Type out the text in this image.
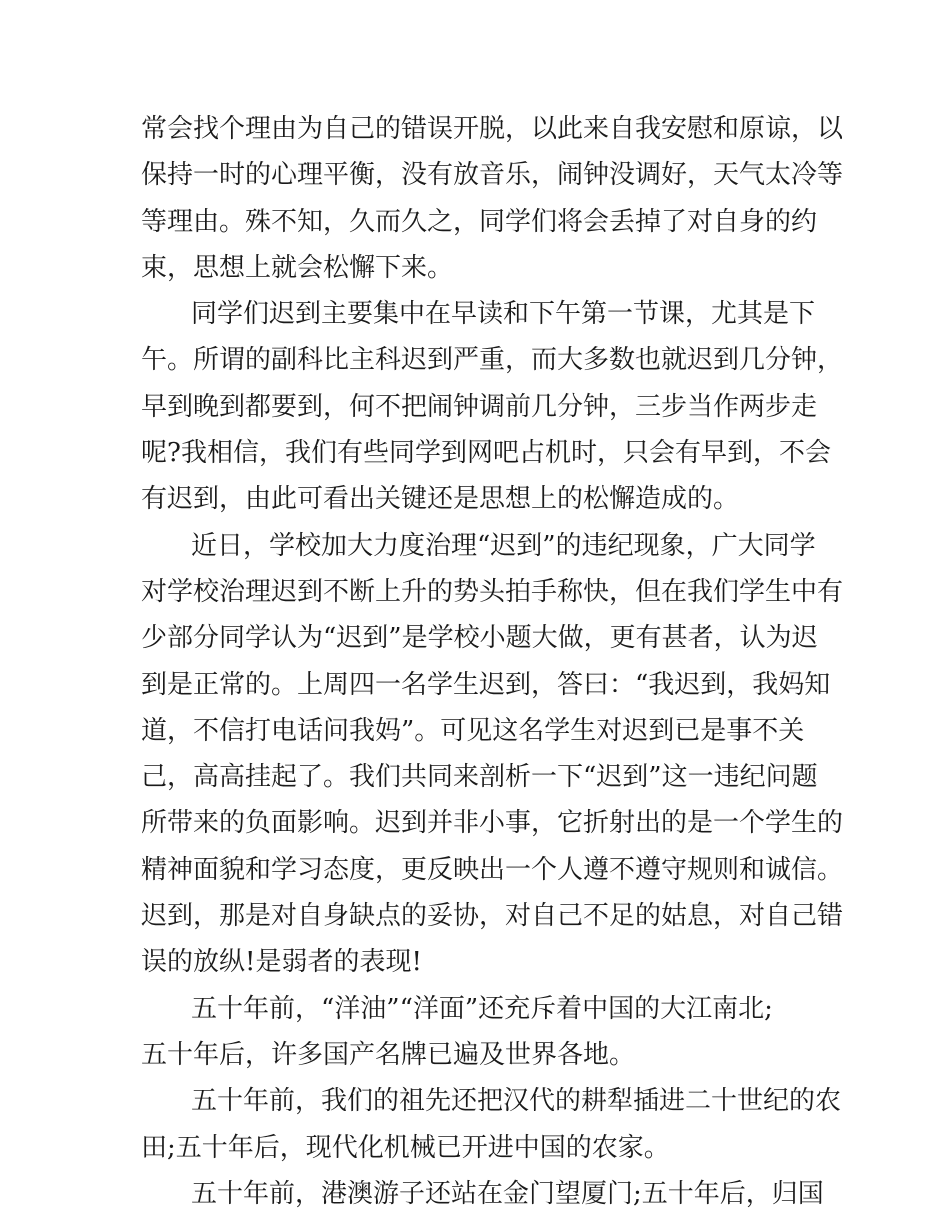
常会找个理由为自己的错误开脱，以此来自我安慰和原谅，以
保持一时的心理平衡，没有放音乐，闹钟没调好，天气太冷等
等理由。殊不知，久而久之，同学们将会丢掉了对自身的约
束，思想上就会松懈下来。
同学们迟到主要集中在早读和下午第一节课，尤其是下
午。所谓的副科比主科迟到严重，而大多数也就迟到几分钟，
早到晚到都要到，何不把闹钟调前几分钟，三步当作两步走
呢?我相信，我们有些同学到网吧占机时，只会有早到，不会
有迟到，由此可看出关键还是思想上的松懈造成的。
近日，学校加大力度治理“迟到”的违纪现象，广大同学
对学校治理迟到不断上升的势头拍手称快，但在我们学生中有
少部分同学认为“迟到”是学校小题大做，更有甚者，认为迟
到是正常的。上周四一名学生迟到，答曰：“我迟到，我妈知
道，不信打电话问我妈”。可见这名学生对迟到已是事不关
己，高高挂起了。我们共同来剖析一下“迟到”这一违纪问题
所带来的负面影响。迟到并非小事，它折射出的是一个学生的
精神面貌和学习态度，更反映出一个人遵不遵守规则和诚信。
迟到，那是对自身缺点的妥协，对自己不足的姑息，对自己错
误的放纵!是弱者的表现!
五十年前，“洋油”“洋面”还充斥着中国的大江南北;
五十年后，许多国产名牌已遍及世界各地。
五十年前，我们的祖先还把汉代的耕犁插进二十世纪的农
田;五十年后，现代化机械已开进中国的农家。
五十年前，港澳游子还站在金门望厦门;五十年后，归国
